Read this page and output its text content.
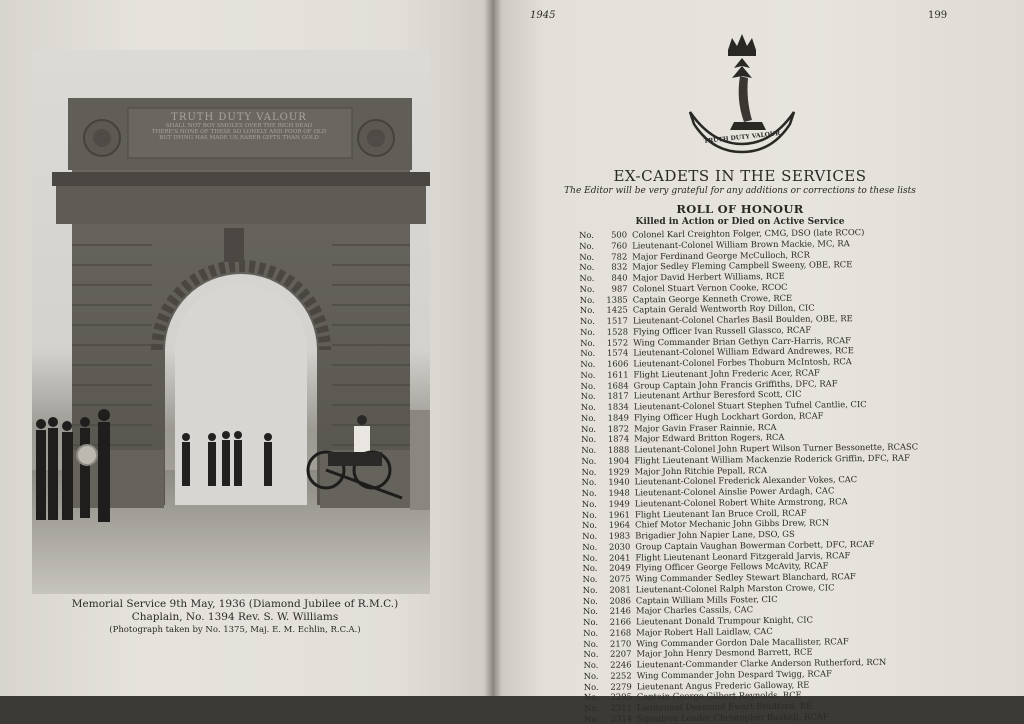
TRUTH DUTY VALOUR
SHALL NOT BOY SMOLES OVER THE RICH DEAD
THERE'S NONE OF THESE SO LONELY AND POOR OF OLD
BUT DYING HAS MADE US RARER GIFTS THAN GOLD
Memorial Service 9th May, 1936 (Diamond Jubilee of R.M.C.)
Chaplain, No. 1394 Rev. S. W. Williams
(Photograph taken by No. 1375, Maj. E. M. Echlin, R.C.A.)
1945	199
TRUTH DUTY VALOUR
EX-CADETS IN THE SERVICES
The Editor will be very grateful for any additions or corrections to these lists
ROLL OF HONOUR
Killed in Action or Died on Active Service
No.	500 Colonel Karl Creighton Folger, CMG, DSO (late RCOC)
No.	760 Lieutenant-Colonel William Brown Mackie, MC, RA
No.	782 Major Ferdinand George McCulloch, RCR
No.	832 Major Sedley Fleming Campbell Sweeny, OBE, RCE
No.	840 Major David Herbert Williams, RCE
No.	987 Colonel Stuart Vernon Cooke, RCOC
No.	1385 Captain George Kenneth Crowe, RCE
No.	1425 Captain Gerald Wentworth Roy Dillon, CIC
No.	1517 Lieutenant-Colonel Charles Basil Boulden, OBE, RE
No.	1528 Flying Officer Ivan Russell Glassco, RCAF
No.	1572 Wing Commander Brian Gethyn Carr-Harris, RCAF
No.	1574 Lieutenant-Colonel William Edward Andrewes, RCE
No.	1606 Lieutenant-Colonel Forbes Thoburn McIntosh, RCA
No.	1611 Flight Lieutenant John Frederic Acer, RCAF
No.	1684 Group Captain John Francis Griffiths, DFC, RAF
No.	1817 Lieutenant Arthur Beresford Scott, CIC
No.	1834 Lieutenant-Colonel Stuart Stephen Tufnel Cantlie, CIC
No.	1849 Flying Officer Hugh Lockhart Gordon, RCAF
No.	1872 Major Gavin Fraser Rainnie, RCA
No.	1874 Major Edward Britton Rogers, RCA
No.	1888 Lieutenant-Colonel John Rupert Wilson Turner Bessonette, RCASC
No.	1904 Flight Lieutenant William Mackenzie Roderick Griffin, DFC, RAF
No.	1929 Major John Ritchie Pepall, RCA
No.	1940 Lieutenant-Colonel Frederick Alexander Vokes, CAC
No.	1948 Lieutenant-Colonel Ainslie Power Ardagh, CAC
No.	1949 Lieutenant-Colonel Robert White Armstrong, RCA
No.	1961 Flight Lieutenant Ian Bruce Croll, RCAF
No.	1964 Chief Motor Mechanic John Gibbs Drew, RCN
No.	1983 Brigadier John Napier Lane, DSO, GS
No.	2030 Group Captain Vaughan Bowerman Corbett, DFC, RCAF
No.	2041 Flight Lieutenant Leonard Fitzgerald Jarvis, RCAF
No.	2049 Flying Officer George Fellows McAvity, RCAF
No.	2075 Wing Commander Sedley Stewart Blanchard, RCAF
No.	2081 Lieutenant-Colonel Ralph Marston Crowe, CIC
No.	2086 Captain William Mills Foster, CIC
No.	2146 Major Charles Cassils, CAC
No.	2166 Lieutenant Donald Trumpour Knight, CIC
No.	2168 Major Robert Hall Laidlaw, CAC
No.	2170 Wing Commander Gordon Dale Macallister, RCAF
No.	2207 Major John Henry Desmond Barrett, RCE
No.	2246 Lieutenant-Commander Clarke Anderson Rutherford, RCN
No.	2252 Wing Commander John Despard Twigg, RCAF
No.	2279 Lieutenant Angus Frederic Galloway, RE
No.	2295 Captain George Gilbert Reynolds, RCE
No.	2311 Lieutenant Desmond Ewart Bradford, RE
No.	2314 Squadron Leader Christopher Bushell, RCAF
